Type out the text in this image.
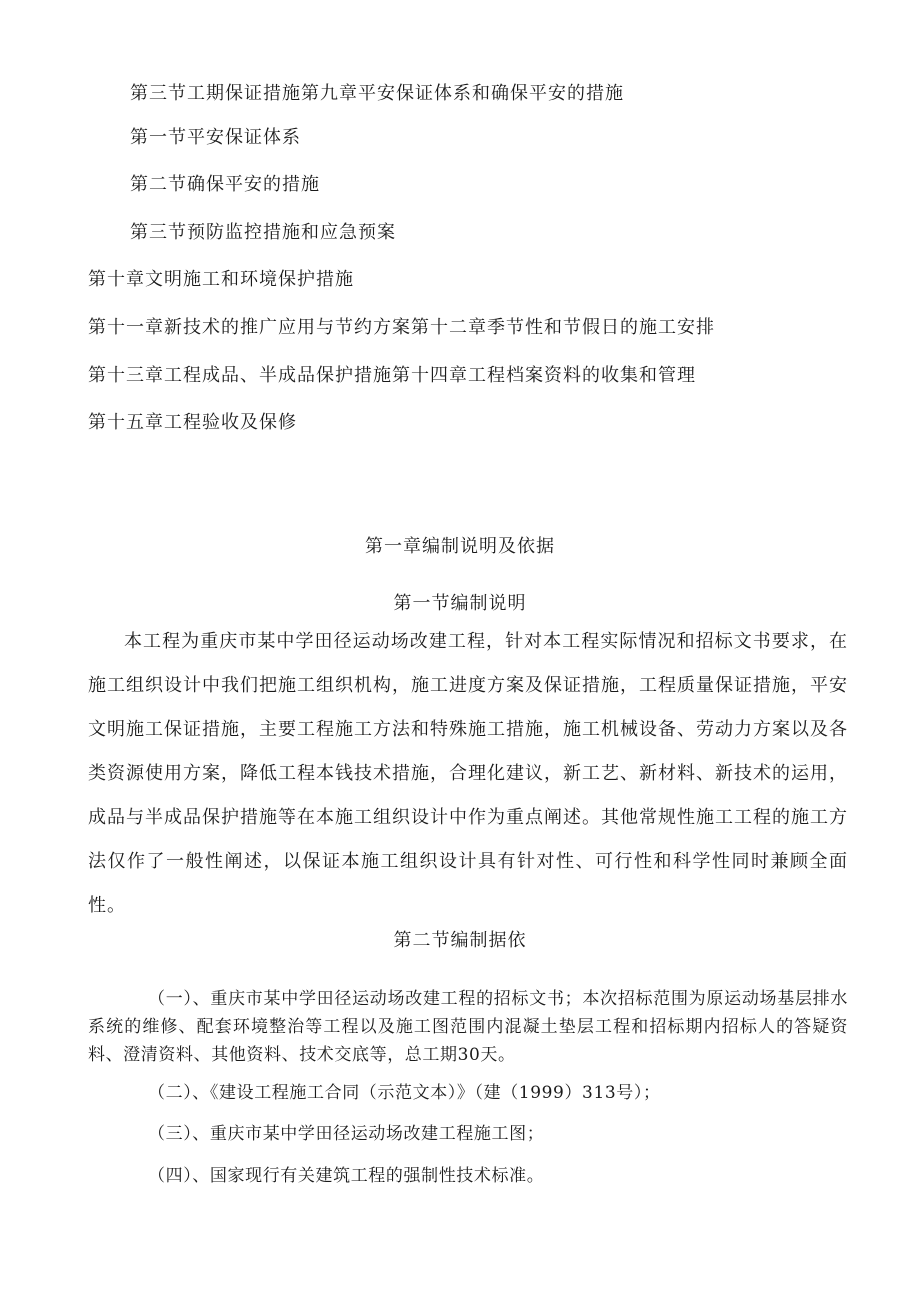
第三节工期保证措施第九章平安保证体系和确保平安的措施
第一节平安保证体系
第二节确保平安的措施
第三节预防监控措施和应急预案
第十章文明施工和环境保护措施
第十一章新技术的推广应用与节约方案第十二章季节性和节假日的施工安排
第十三章工程成品、半成品保护措施第十四章工程档案资料的收集和管理
第十五章工程验收及保修
第一章编制说明及依据
第一节编制说明
本工程为重庆市某中学田径运动场改建工程，针对本工程实际情况和招标文书要求，在施工组织设计中我们把施工组织机构，施工进度方案及保证措施，工程质量保证措施，平安文明施工保证措施，主要工程施工方法和特殊施工措施，施工机械设备、劳动力方案以及各类资源使用方案，降低工程本钱技术措施，合理化建议，新工艺、新材料、新技术的运用，成品与半成品保护措施等在本施工组织设计中作为重点阐述。其他常规性施工工程的施工方法仅作了一般性阐述，以保证本施工组织设计具有针对性、可行性和科学性同时兼顾全面性。
第二节编制据依
（一）、重庆市某中学田径运动场改建工程的招标文书；本次招标范围为原运动场基层排水系统的维修、配套环境整治等工程以及施工图范围内混凝土垫层工程和招标期内招标人的答疑资料、澄清资料、其他资料、技术交底等，总工期30天。
（二）、《建设工程施工合同（示范文本）》（建（1999）313号）；
（三）、重庆市某中学田径运动场改建工程施工图；
（四）、国家现行有关建筑工程的强制性技术标准。
